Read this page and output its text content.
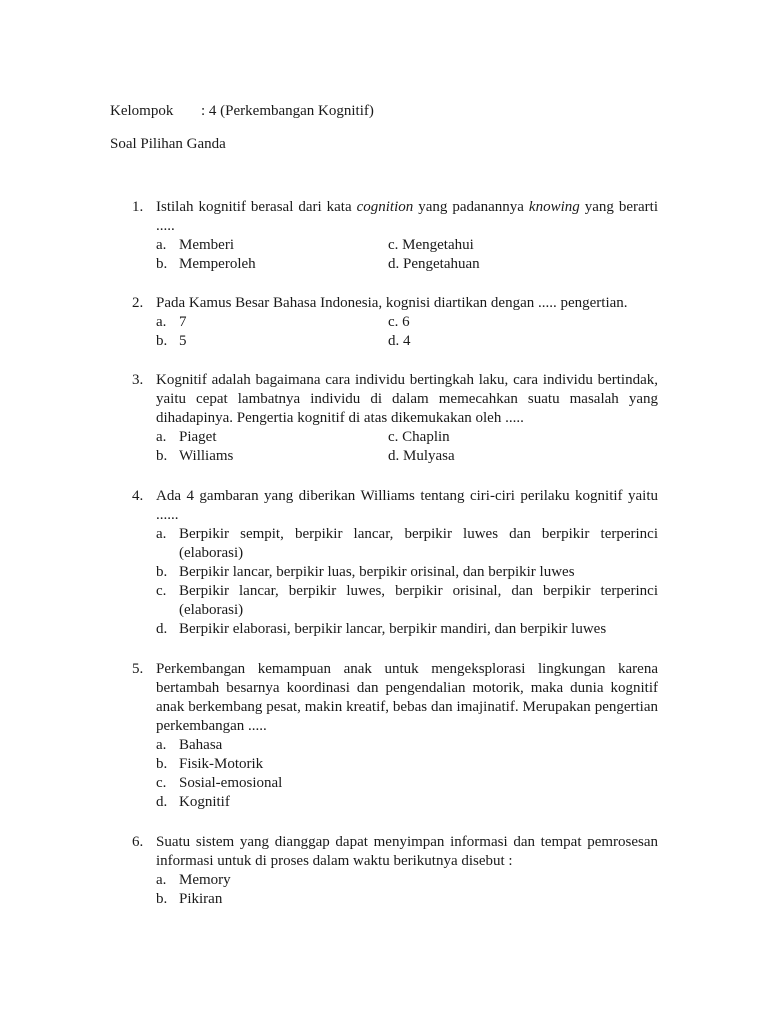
Kelompok : 4 (Perkembangan Kognitif)
Soal Pilihan Ganda
1. Istilah kognitif berasal dari kata cognition yang padanannya knowing yang berarti .....
a. Memberi	c. Mengetahui
b. Memperoleh	d. Pengetahuan
2. Pada Kamus Besar Bahasa Indonesia, kognisi diartikan dengan ..... pengertian.
a. 7	c. 6
b. 5	d. 4
3. Kognitif adalah bagaimana cara individu bertingkah laku, cara individu bertindak, yaitu cepat lambatnya individu di dalam memecahkan suatu masalah yang dihadapinya. Pengertia kognitif di atas dikemukakan oleh .....
a. Piaget	c. Chaplin
b. Williams	d. Mulyasa
4. Ada 4 gambaran yang diberikan Williams tentang ciri-ciri perilaku kognitif yaitu ......
a. Berpikir sempit, berpikir lancar, berpikir luwes dan berpikir terperinci (elaborasi)
b. Berpikir lancar, berpikir luas, berpikir orisinal, dan berpikir luwes
c. Berpikir lancar, berpikir luwes, berpikir orisinal, dan berpikir terperinci (elaborasi)
d. Berpikir elaborasi, berpikir lancar, berpikir mandiri, dan berpikir luwes
5. Perkembangan kemampuan anak untuk mengeksplorasi lingkungan karena bertambah besarnya koordinasi dan pengendalian motorik, maka dunia kognitif anak berkembang pesat, makin kreatif, bebas dan imajinatif. Merupakan pengertian perkembangan .....
a. Bahasa
b. Fisik-Motorik
c. Sosial-emosional
d. Kognitif
6. Suatu sistem yang dianggap dapat menyimpan informasi dan tempat pemrosesan informasi untuk di proses dalam waktu berikutnya disebut :
a. Memory
b. Pikiran
